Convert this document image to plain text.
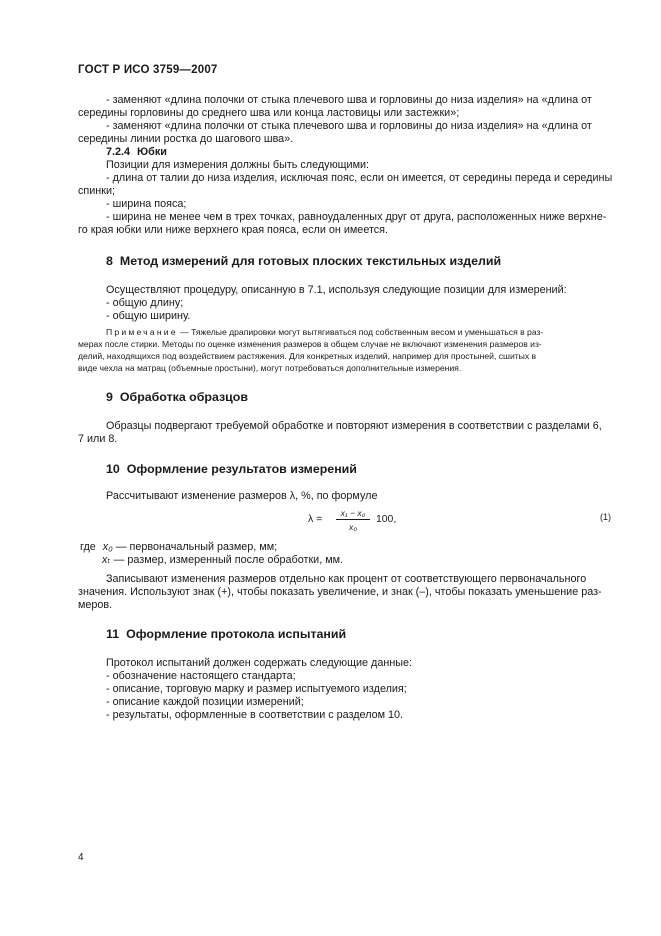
ГОСТ Р ИСО 3759—2007
- заменяют «длина полочки от стыка плечевого шва и горловины до низа изделия» на «длина от
середины горловины до среднего шва или конца ластовицы или застежки»;
- заменяют «длина полочки от стыка плечевого шва и горловины до низа изделия» на «длина от
середины линии ростка до шагового шва».
7.2.4 Юбки
Позиции для измерения должны быть следующими:
- длина от талии до низа изделия, исключая пояс, если он имеется, от середины переда и середины
спинки;
- ширина пояса;
- ширина не менее чем в трех точках, равноудаленных друг от друга, расположенных ниже верхне-
го края юбки или ниже верхнего края пояса, если он имеется.
8 Метод измерений для готовых плоских текстильных изделий
Осуществляют процедуру, описанную в 7.1, используя следующие позиции для измерений:
- общую длину;
- общую ширину.
Примечание — Тяжелые драпировки могут вытягиваться под собственным весом и уменьшаться в раз-
мерах после стирки. Методы по оценке изменения размеров в общем случае не включают изменения размеров из-
делий, находящихся под воздействием растяжения. Для конкретных изделий, например для простыней, сшитых в
виде чехла на матрац (объемные простыни), могут потребоваться дополнительные измерения.
9 Обработка образцов
Образцы подвергают требуемой обработке и повторяют измерения в соответствии с разделами 6,
7 или 8.
10 Оформление результатов измерений
Рассчитывают изменение размеров λ, %, по формуле
λ =
x₁ − x₀
x₀
100,	(1)
где x₀ — первоначальный размер, мм;
xₜ — размер, измеренный после обработки, мм.
Записывают изменения размеров отдельно как процент от соответствующего первоначального
значения. Используют знак (+), чтобы показать увеличение, и знак (–), чтобы показать уменьшение раз-
меров.
11 Оформление протокола испытаний
Протокол испытаний должен содержать следующие данные:
- обозначение настоящего стандарта;
- описание, торговую марку и размер испытуемого изделия;
- описание каждой позиции измерений;
- результаты, оформленные в соответствии с разделом 10.
4
